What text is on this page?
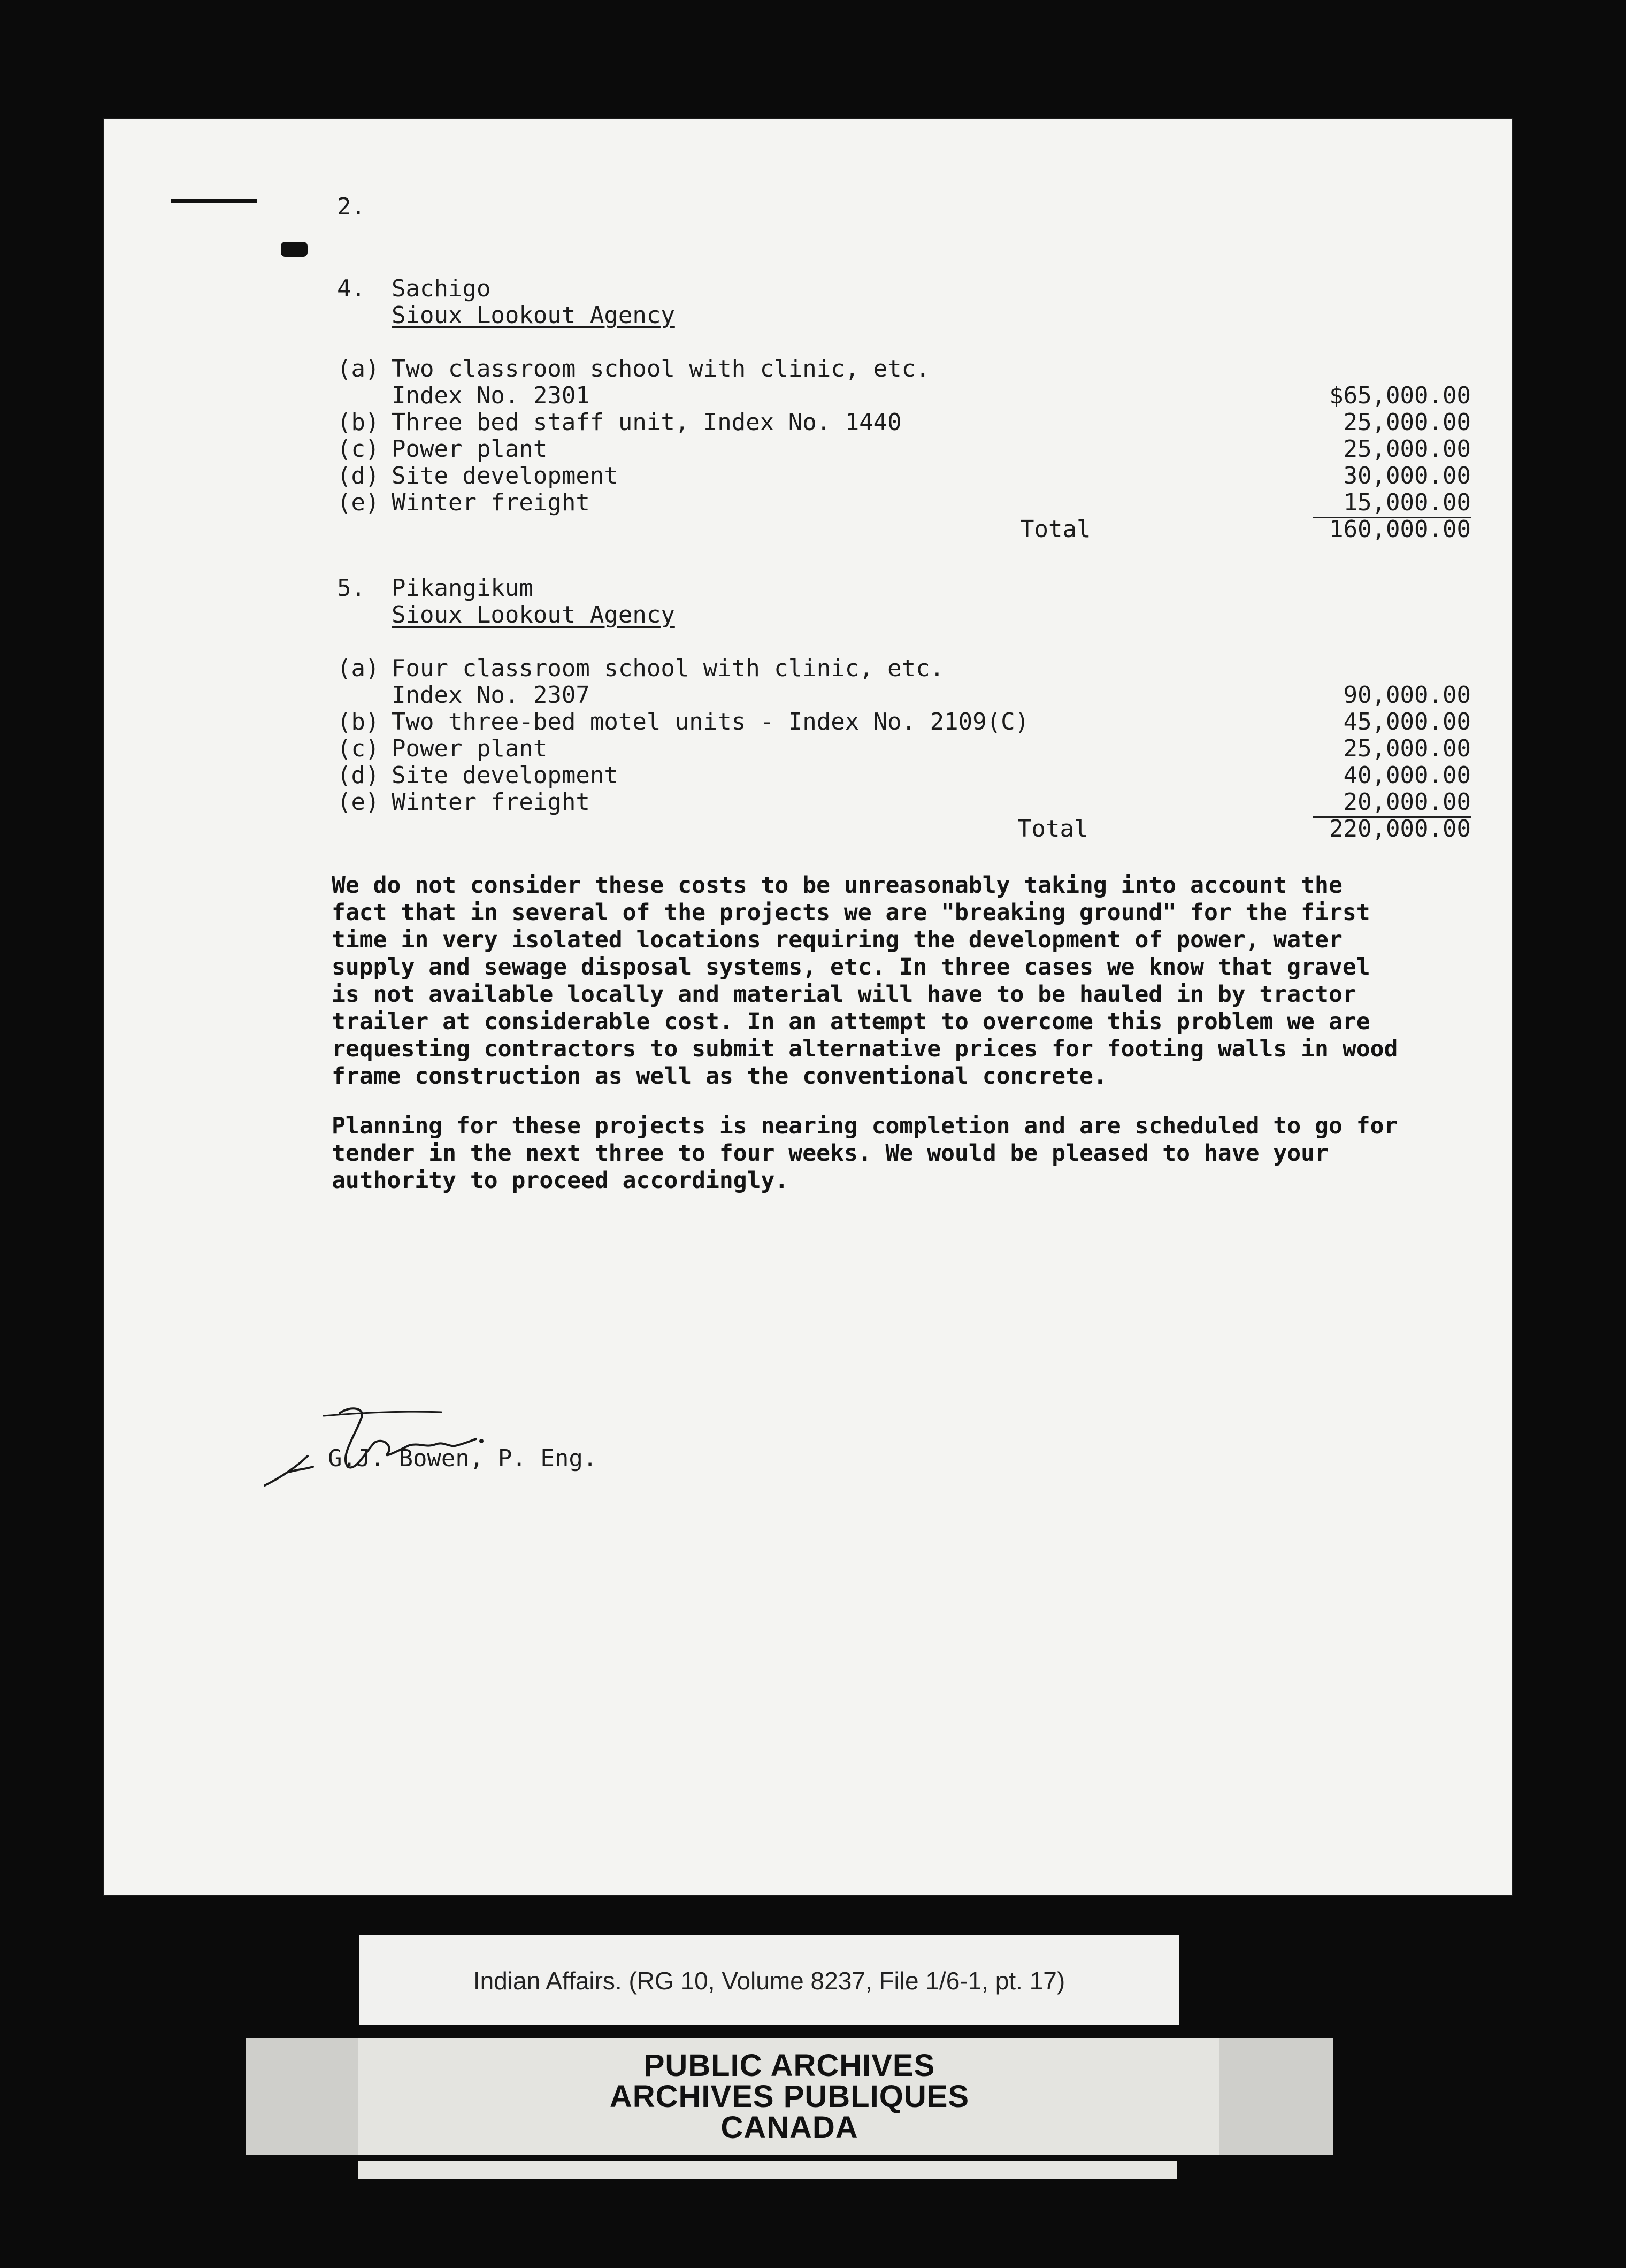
2.
4. Sachigo
Sioux Lookout Agency
(a) Two classroom school with clinic, etc.
Index No. 2301
(b) Three bed staff unit, Index No. 1440
(c) Power plant
(d) Site development
(e) Winter freight
Total
$65,000.00
25,000.00
25,000.00
30,000.00
15,000.00
160,000.00
5. Pikangikum
Sioux Lookout Agency
(a) Four classroom school with clinic, etc.
Index No. 2307
(b) Two three-bed motel units - Index No. 2109(C)
(c) Power plant
(d) Site development
(e) Winter freight
Total
90,000.00
45,000.00
25,000.00
40,000.00
20,000.00
220,000.00
We do not consider these costs to be unreasonably taking into account the
fact that in several of the projects we are "breaking ground" for the first
time in very isolated locations requiring the development of power, water
supply and sewage disposal systems, etc. In three cases we know that gravel
is not available locally and material will have to be hauled in by tractor
trailer at considerable cost. In an attempt to overcome this problem we are
requesting contractors to submit alternative prices for footing walls in wood
frame construction as well as the conventional concrete.
Planning for these projects is nearing completion and are scheduled to go for
tender in the next three to four weeks. We would be pleased to have your
authority to proceed accordingly.
G.J. Bowen, P. Eng.
Indian Affairs. (RG 10, Volume 8237, File 1/6-1, pt. 17)
PUBLIC ARCHIVES
ARCHIVES PUBLIQUES
CANADA
